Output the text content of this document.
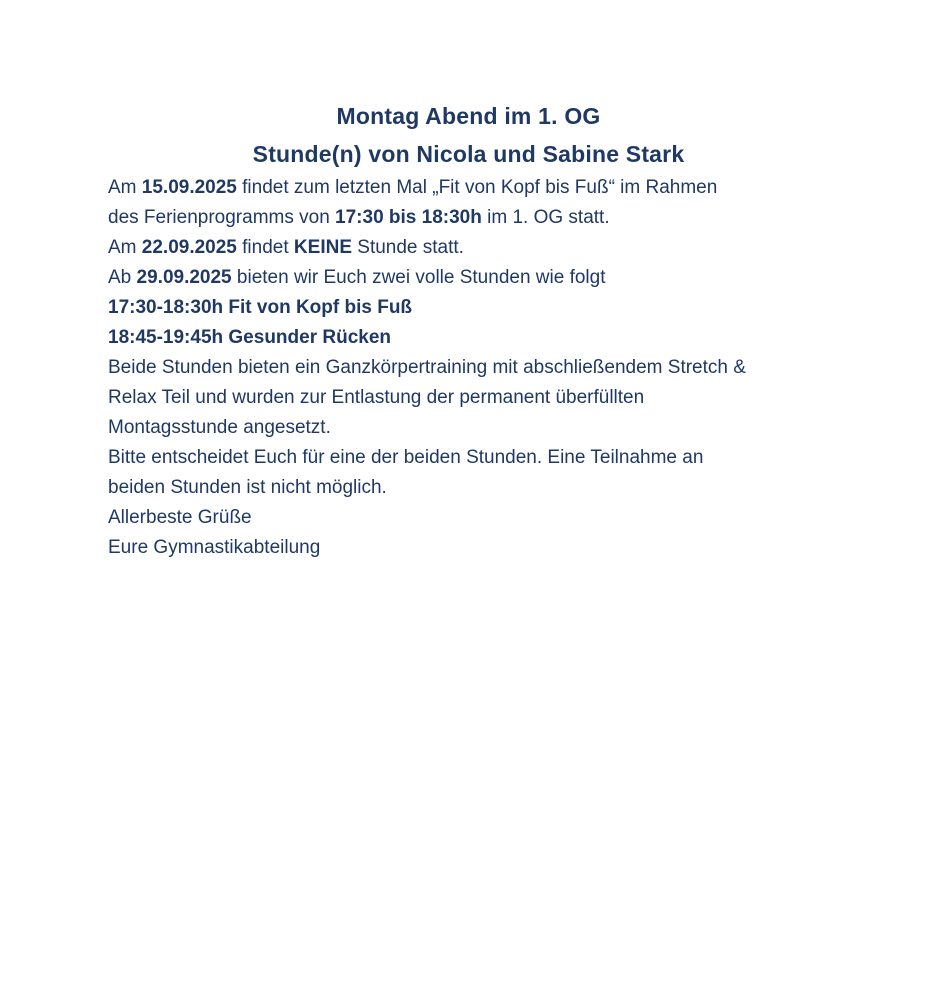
Montag Abend im 1. OG
Stunde(n) von Nicola und Sabine Stark

Am 15.09.2025 findet zum letzten Mal „Fit von Kopf bis Fuß“ im Rahmen
des Ferienprogramms von 17:30 bis 18:30h im 1. OG statt.

Am 22.09.2025 findet KEINE Stunde statt.

Ab 29.09.2025 bieten wir Euch zwei volle Stunden wie folgt

17:30-18:30h Fit von Kopf bis Fuß

18:45-19:45h Gesunder Rücken

Beide Stunden bieten ein Ganzkörpertraining mit abschließendem Stretch &
Relax Teil und wurden zur Entlastung der permanent überfüllten
Montagsstunde angesetzt.

Bitte entscheidet Euch für eine der beiden Stunden. Eine Teilnahme an
beiden Stunden ist nicht möglich.

Allerbeste Grüße

Eure Gymnastikabteilung
